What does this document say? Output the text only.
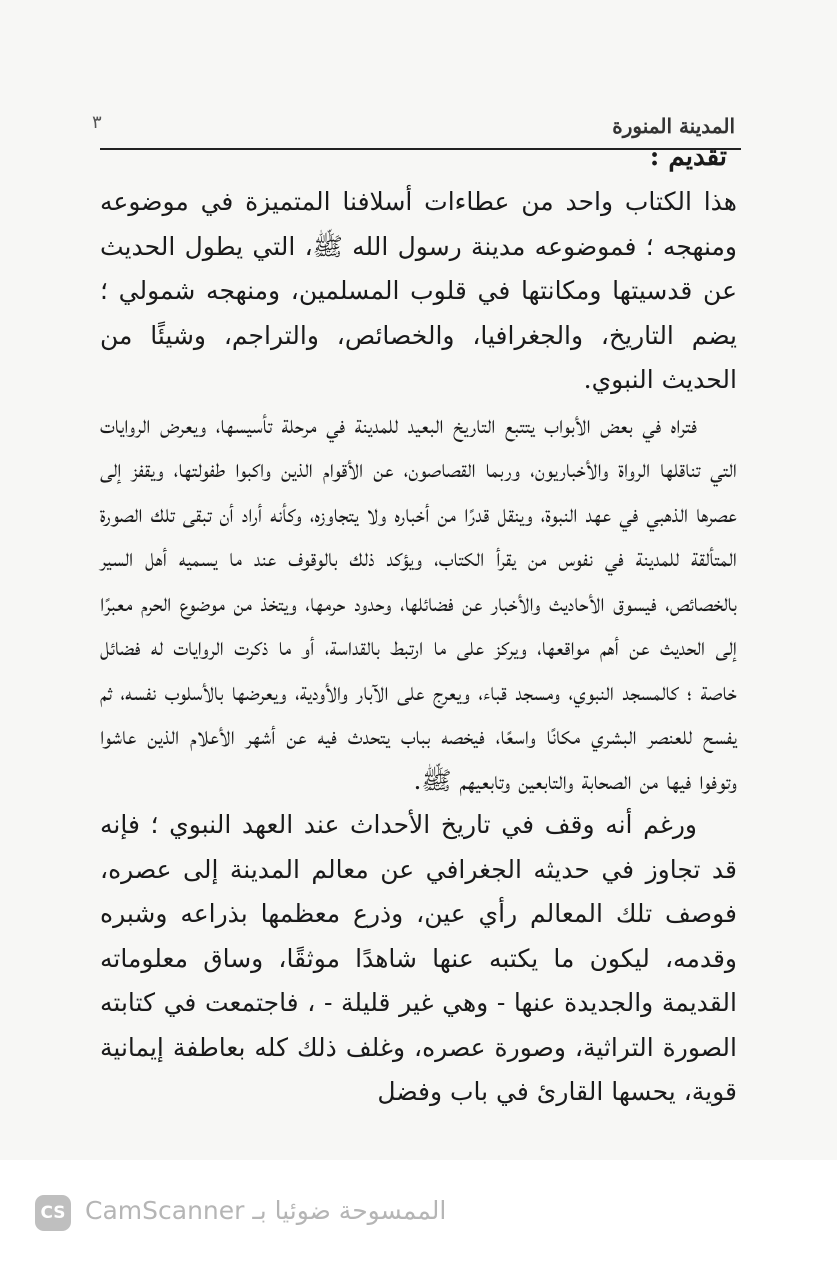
المدينة المنورة
٣
تقديم :

هذا الكتاب واحد من عطاءات أسلافنا المتميزة في موضوعه ومنهجه ؛ فموضوعه مدينة رسول الله ﷺ، التي يطول الحديث عن قدسيتها ومكانتها في قلوب المسلمين، ومنهجه شمولي ؛ يضم التاريخ، والجغرافيا، والخصائص، والتراجم، وشيئًا من الحديث النبوي.

فتراه في بعض الأبواب يتتبع التاريخ البعيد للمدينة في مرحلة تأسيسها، ويعرض الروايات التي تناقلها الرواة والأخباريون، وربما القصاصون، عن الأقوام الذين واكبوا طفولتها، ويقفز إلى عصرها الذهبي في عهد النبوة، وينقل قدرًا من أخباره ولا يتجاوزه، وكأنه أراد أن تبقى تلك الصورة المتألقة للمدينة في نفوس من يقرأ الكتاب، ويؤكد ذلك بالوقوف عند ما يسميه أهل السير بالخصائص، فيسوق الأحاديث والأخبار عن فضائلها، وحدود حرمها، ويتخذ من موضوع الحرم معبرًا إلى الحديث عن أهم مواقعها، ويركز على ما ارتبط بالقداسة، أو ما ذكرت الروايات له فضائل خاصة ؛ كالمسجد النبوي، ومسجد قباء، ويعرج على الآبار والأودية، ويعرضها بالأسلوب نفسه، ثم يفسح للعنصر البشري مكانًا واسعًا، فيخصه بباب يتحدث فيه عن أشهر الأعلام الذين عاشوا وتوفوا فيها من الصحابة والتابعين وتابعيهم ﷺ.

ورغم أنه وقف في تاريخ الأحداث عند العهد النبوي ؛ فإنه قد تجاوز في حديثه الجغرافي عن معالم المدينة إلى عصره، فوصف تلك المعالم رأي عين، وذرع معظمها بذراعه وشبره وقدمه، ليكون ما يكتبه عنها شاهدًا موثقًا، وساق معلوماته القديمة والجديدة عنها - وهي غير قليلة - ، فاجتمعت في كتابته الصورة التراثية، وصورة عصره، وغلف ذلك كله بعاطفة إيمانية قوية، يحسها القارئ في باب وفضل

CS الممسوحة ضوئيا بـ CamScanner
